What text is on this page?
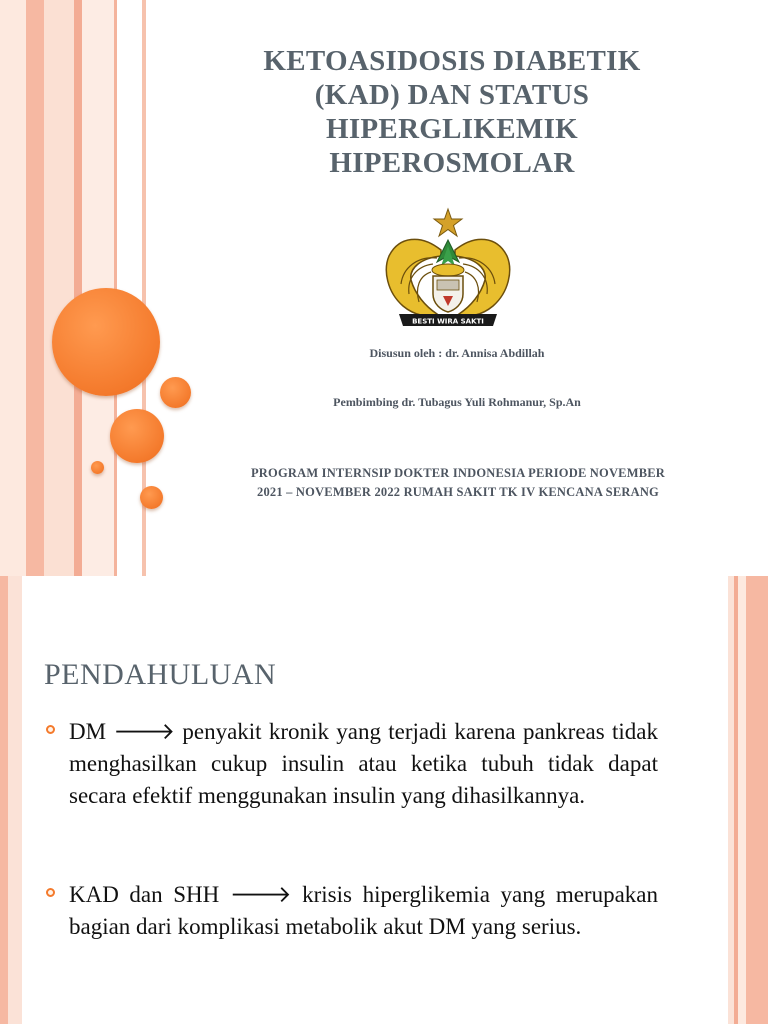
KETOASIDOSIS DIABETIK
(KAD) DAN STATUS
HIPERGLIKEMIK
HIPEROSMOLAR
BESTI WIRA SAKTI
Disusun oleh : dr. Annisa Abdillah
Pembimbing dr. Tubagus Yuli Rohmanur, Sp.An
PROGRAM INTERNSIP DOKTER INDONESIA PERIODE NOVEMBER
2021 – NOVEMBER 2022 RUMAH SAKIT TK IV KENCANA SERANG
PENDAHULUAN
DM 🡒 penyakit kronik yang terjadi karena pankreas tidak menghasilkan cukup insulin atau ketika tubuh tidak dapat secara efektif menggunakan insulin yang dihasilkannya.
KAD dan SHH 🡒 krisis hiperglikemia yang merupakan bagian dari komplikasi metabolik akut DM yang serius.
